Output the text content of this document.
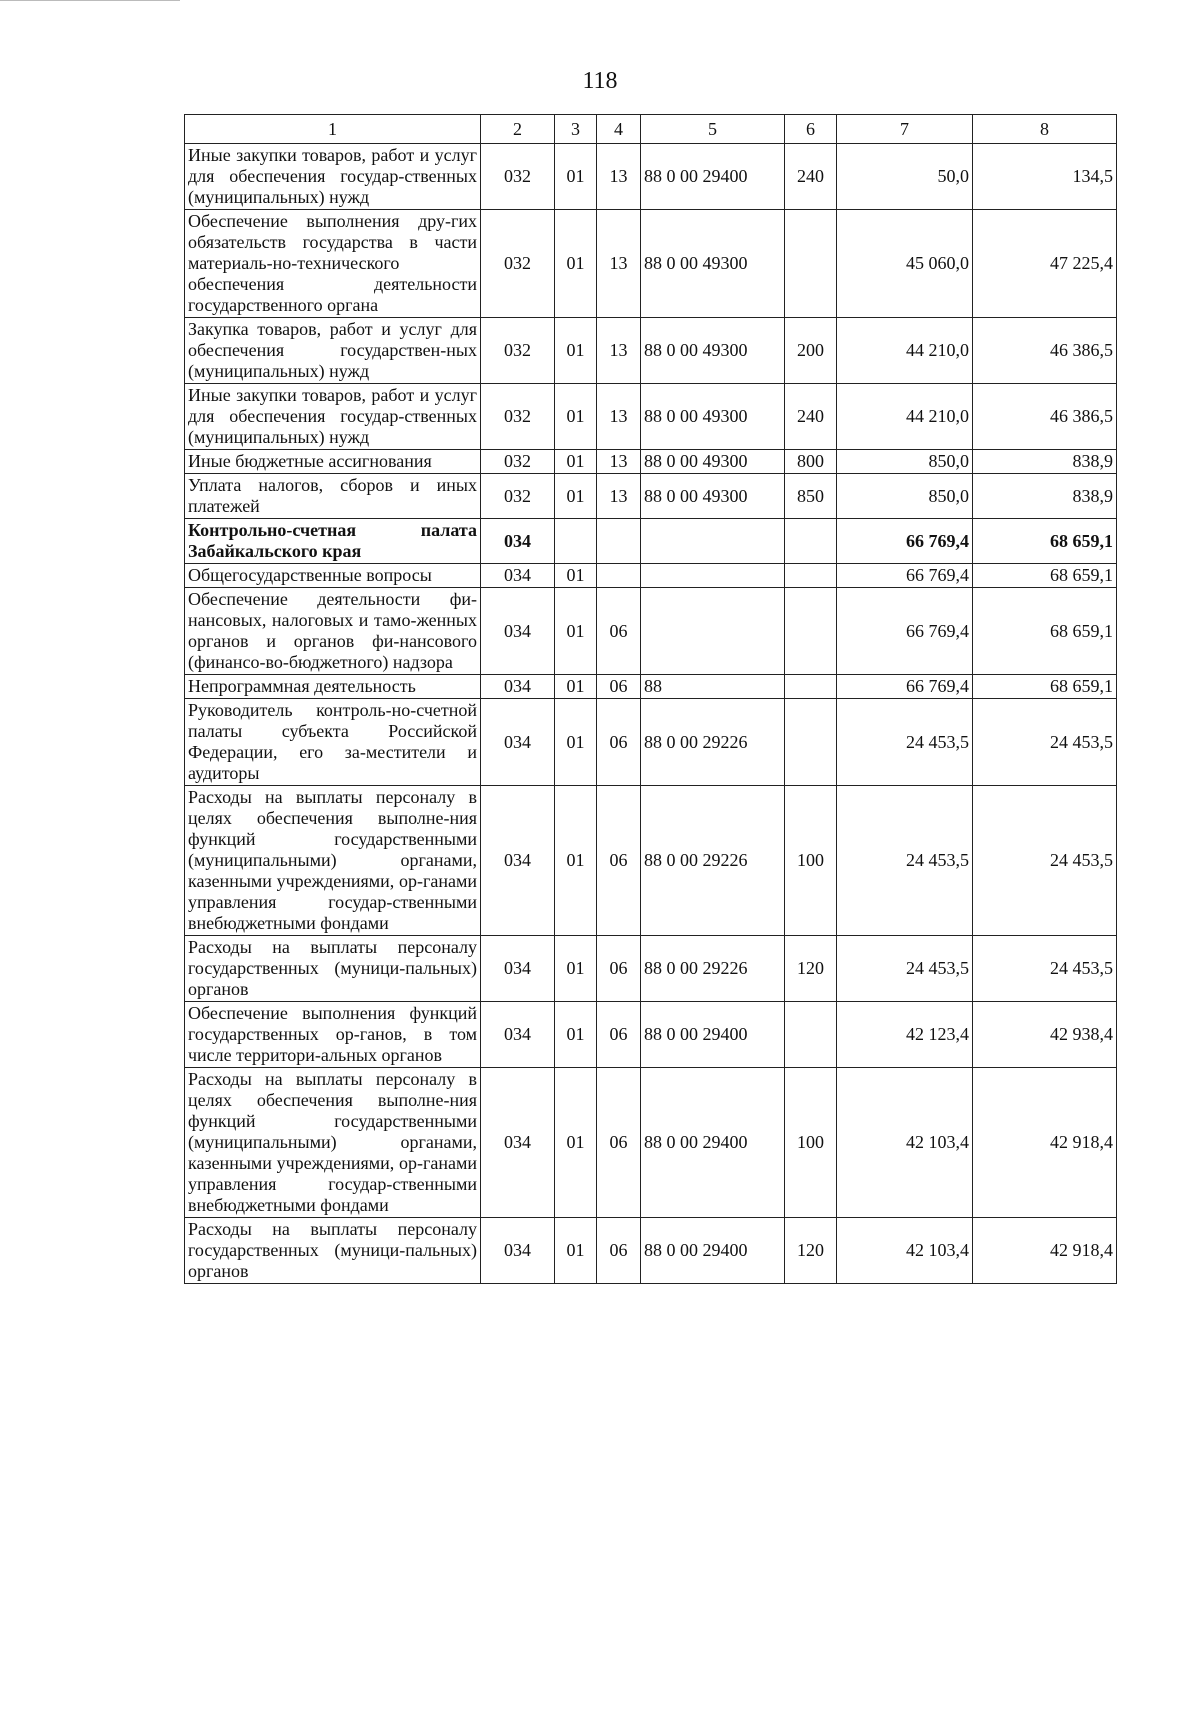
118
1	2	3	4	5	6	7	8
Иные закупки товаров, работ и услуг для обеспечения государ-ственных (муниципальных) нужд	032	01	13	88 0 00 29400	240	50,0	134,5
Обеспечение выполнения дру-гих обязательств государства в части материаль-но-технического обеспечения деятельности государственного органа	032	01	13	88 0 00 49300		45 060,0	47 225,4
Закупка товаров, работ и услуг для обеспечения государствен-ных (муниципальных) нужд	032	01	13	88 0 00 49300	200	44 210,0	46 386,5
Иные закупки товаров, работ и услуг для обеспечения государ-ственных (муниципальных) нужд	032	01	13	88 0 00 49300	240	44 210,0	46 386,5
Иные бюджетные ассигнования	032	01	13	88 0 00 49300	800	850,0	838,9
Уплата налогов, сборов и иных платежей	032	01	13	88 0 00 49300	850	850,0	838,9
Контрольно-счетная палата Забайкальского края	034					66 769,4	68 659,1
Общегосударственные вопросы	034	01				66 769,4	68 659,1
Обеспечение деятельности фи-нансовых, налоговых и тамо-женных органов и органов фи-нансового (финансо-во-бюджетного) надзора	034	01	06			66 769,4	68 659,1
Непрограммная деятельность	034	01	06	88		66 769,4	68 659,1
Руководитель контроль-но-счетной палаты субъекта Российской Федерации, его за-местители и аудиторы	034	01	06	88 0 00 29226		24 453,5	24 453,5
Расходы на выплаты персоналу в целях обеспечения выполне-ния функций государственными (муниципальными) органами, казенными учреждениями, ор-ганами управления государ-ственными внебюджетными фондами	034	01	06	88 0 00 29226	100	24 453,5	24 453,5
Расходы на выплаты персоналу государственных (муници-пальных) органов	034	01	06	88 0 00 29226	120	24 453,5	24 453,5
Обеспечение выполнения функций государственных ор-ганов, в том числе территори-альных органов	034	01	06	88 0 00 29400		42 123,4	42 938,4
Расходы на выплаты персоналу в целях обеспечения выполне-ния функций государственными (муниципальными) органами, казенными учреждениями, ор-ганами управления государ-ственными внебюджетными фондами	034	01	06	88 0 00 29400	100	42 103,4	42 918,4
Расходы на выплаты персоналу государственных (муници-пальных) органов	034	01	06	88 0 00 29400	120	42 103,4	42 918,4
